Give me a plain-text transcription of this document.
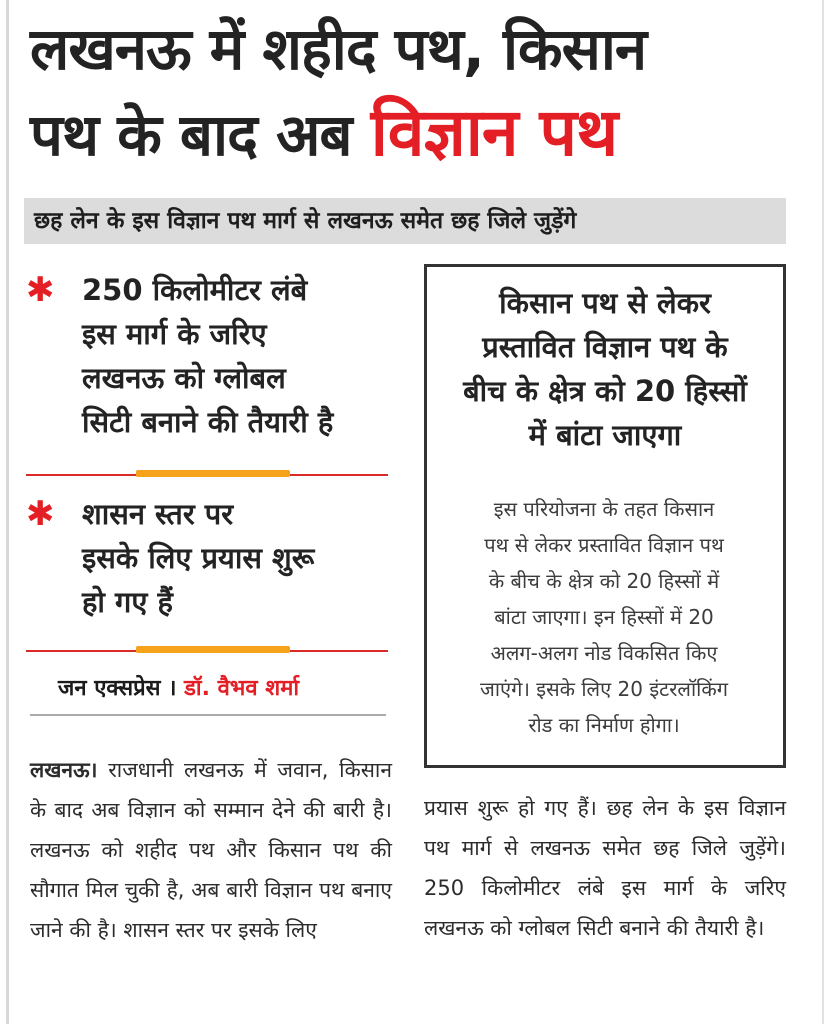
लखनऊ में शहीद पथ, किसान
पथ के बाद अब विज्ञान पथ
छह लेन के इस विज्ञान पथ मार्ग से लखनऊ समेत छह जिले जुड़ेंगे
✱ 250 किलोमीटर लंबे
इस मार्ग के जरिए
लखनऊ को ग्लोबल
सिटी बनाने की तैयारी है
✱ शासन स्तर पर
इसके लिए प्रयास शुरू
हो गए हैं
जन एक्सप्रेस । डॉ. वैभव शर्मा
किसान पथ से लेकर
प्रस्तावित विज्ञान पथ के
बीच के क्षेत्र को 20 हिस्सों
में बांटा जाएगा
इस परियोजना के तहत किसान
पथ से लेकर प्रस्तावित विज्ञान पथ
के बीच के क्षेत्र को 20 हिस्सों में
बांटा जाएगा। इन हिस्सों में 20
अलग-अलग नोड विकसित किए
जाएंगे। इसके लिए 20 इंटरलॉकिंग
रोड का निर्माण होगा।
लखनऊ। राजधानी लखनऊ में जवान, किसान के बाद अब विज्ञान को सम्मान देने की बारी है। लखनऊ को शहीद पथ और किसान पथ की सौगात मिल चुकी है, अब बारी विज्ञान पथ बनाए जाने की है। शासन स्तर पर इसके लिए
प्रयास शुरू हो गए हैं। छह लेन के इस विज्ञान पथ मार्ग से लखनऊ समेत छह जिले जुड़ेंगे। 250 किलोमीटर लंबे इस मार्ग के जरिए लखनऊ को ग्लोबल सिटी बनाने की तैयारी है।
